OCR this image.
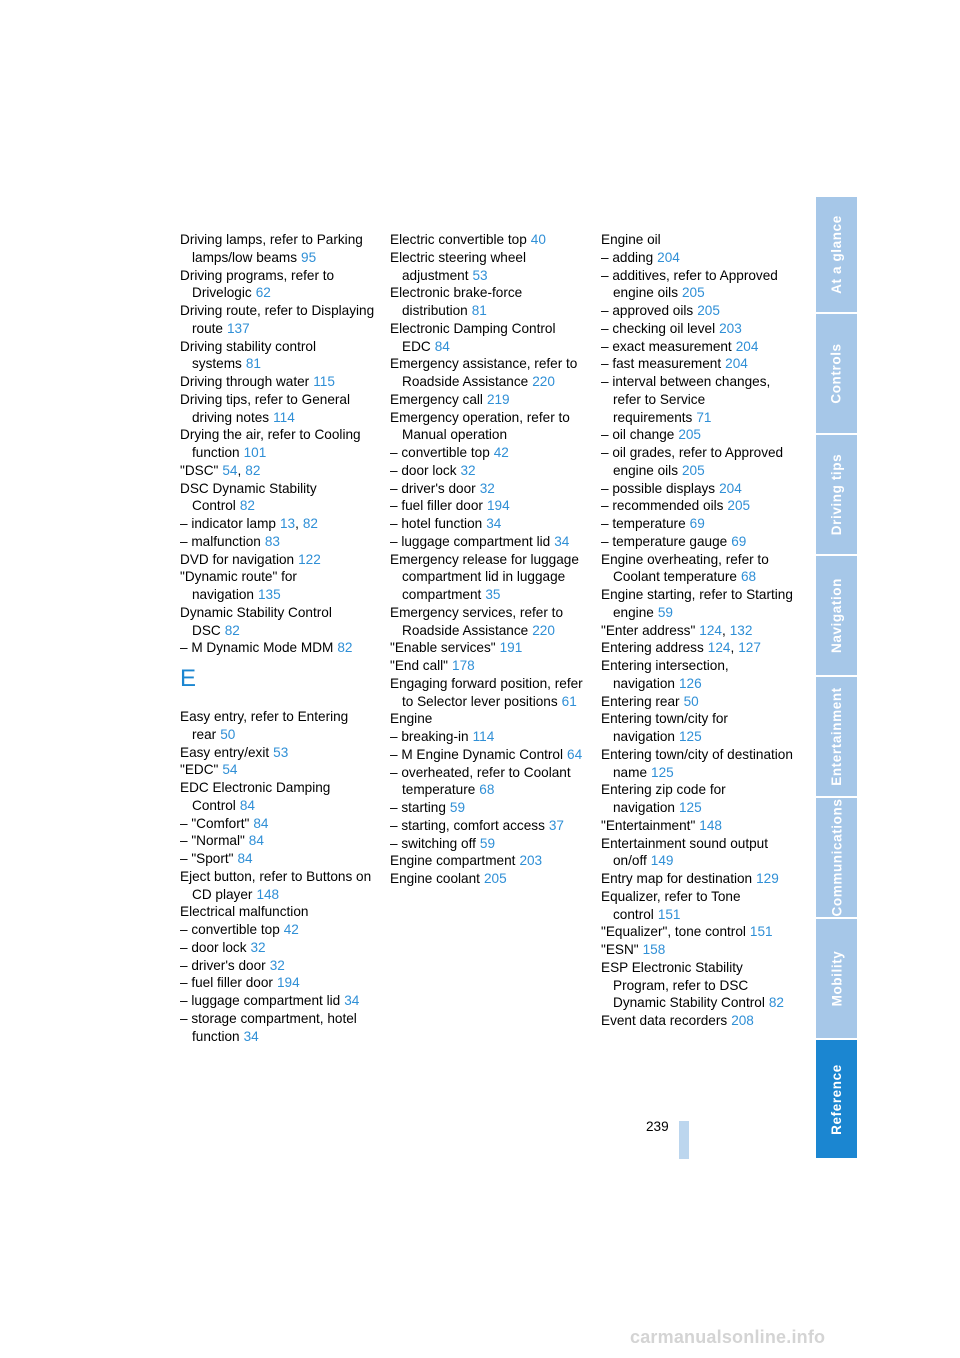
Driving lamps, refer to Parking lamps/low beams 95
Driving programs, refer to Drivelogic 62
Driving route, refer to Displaying route 137
Driving stability control systems 81
Driving through water 115
Driving tips, refer to General driving notes 114
Drying the air, refer to Cooling function 101
"DSC" 54, 82
DSC Dynamic Stability Control 82
– indicator lamp 13, 82
– malfunction 83
DVD for navigation 122
"Dynamic route" for navigation 135
Dynamic Stability Control DSC 82
– M Dynamic Mode MDM 82
E
Easy entry, refer to Entering rear 50
Easy entry/exit 53
"EDC" 54
EDC Electronic Damping Control 84
– "Comfort" 84
– "Normal" 84
– "Sport" 84
Eject button, refer to Buttons on CD player 148
Electrical malfunction
– convertible top 42
– door lock 32
– driver's door 32
– fuel filler door 194
– luggage compartment lid 34
– storage compartment, hotel function 34
Electric convertible top 40
Electric steering wheel adjustment 53
Electronic brake-force distribution 81
Electronic Damping Control EDC 84
Emergency assistance, refer to Roadside Assistance 220
Emergency call 219
Emergency operation, refer to Manual operation
– convertible top 42
– door lock 32
– driver's door 32
– fuel filler door 194
– hotel function 34
– luggage compartment lid 34
Emergency release for luggage compartment lid in luggage compartment 35
Emergency services, refer to Roadside Assistance 220
"Enable services" 191
"End call" 178
Engaging forward position, refer to Selector lever positions 61
Engine
– breaking-in 114
– M Engine Dynamic Control 64
– overheated, refer to Coolant temperature 68
– starting 59
– starting, comfort access 37
– switching off 59
Engine compartment 203
Engine coolant 205
Engine oil
– adding 204
– additives, refer to Approved engine oils 205
– approved oils 205
– checking oil level 203
– exact measurement 204
– fast measurement 204
– interval between changes, refer to Service requirements 71
– oil change 205
– oil grades, refer to Approved engine oils 205
– possible displays 204
– recommended oils 205
– temperature 69
– temperature gauge 69
Engine overheating, refer to Coolant temperature 68
Engine starting, refer to Starting engine 59
"Enter address" 124, 132
Entering address 124, 127
Entering intersection, navigation 126
Entering rear 50
Entering town/city for navigation 125
Entering town/city of destination name 125
Entering zip code for navigation 125
"Entertainment" 148
Entertainment sound output on/off 149
Entry map for destination 129
Equalizer, refer to Tone control 151
"Equalizer", tone control 151
"ESN" 158
ESP Electronic Stability Program, refer to DSC Dynamic Stability Control 82
Event data recorders 208
At a glance
Controls
Driving tips
Navigation
Entertainment
Communications
Mobility
Reference
239
carmanualsonline.info
